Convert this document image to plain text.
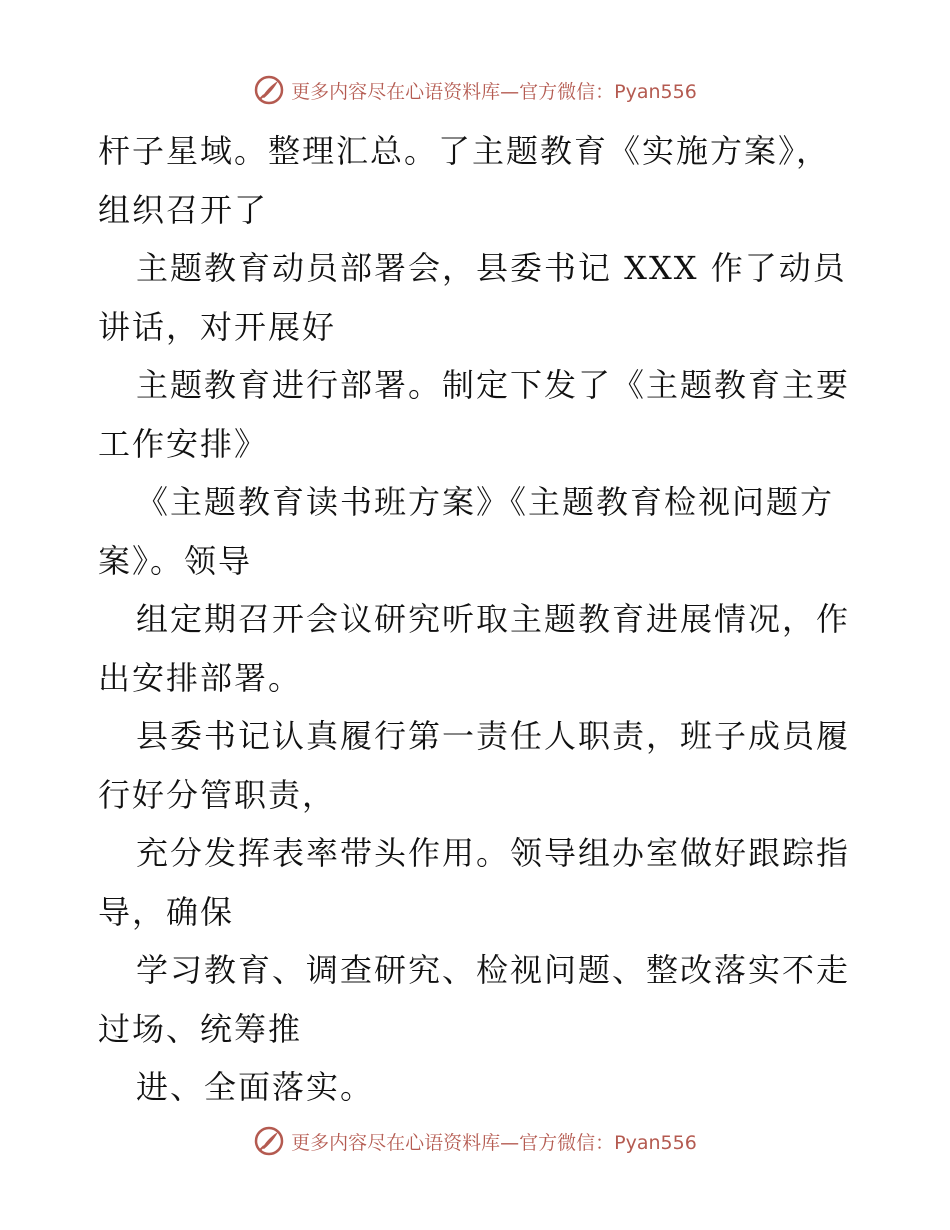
更多内容尽在心语资料库—官方微信：Pyan556
杆子星域。整理汇总。了主题教育《实施方案》，
组织召开了
主题教育动员部署会，县委书记 XXX 作了动员
讲话，对开展好
主题教育进行部署。制定下发了《主题教育主要
工作安排》
《主题教育读书班方案》《主题教育检视问题方
案》。领导
组定期召开会议研究听取主题教育进展情况，作
出安排部署。
县委书记认真履行第一责任人职责，班子成员履
行好分管职责，
充分发挥表率带头作用。领导组办室做好跟踪指
导，确保
学习教育、调查研究、检视问题、整改落实不走
过场、统筹推
进、全面落实。
更多内容尽在心语资料库—官方微信：Pyan556
